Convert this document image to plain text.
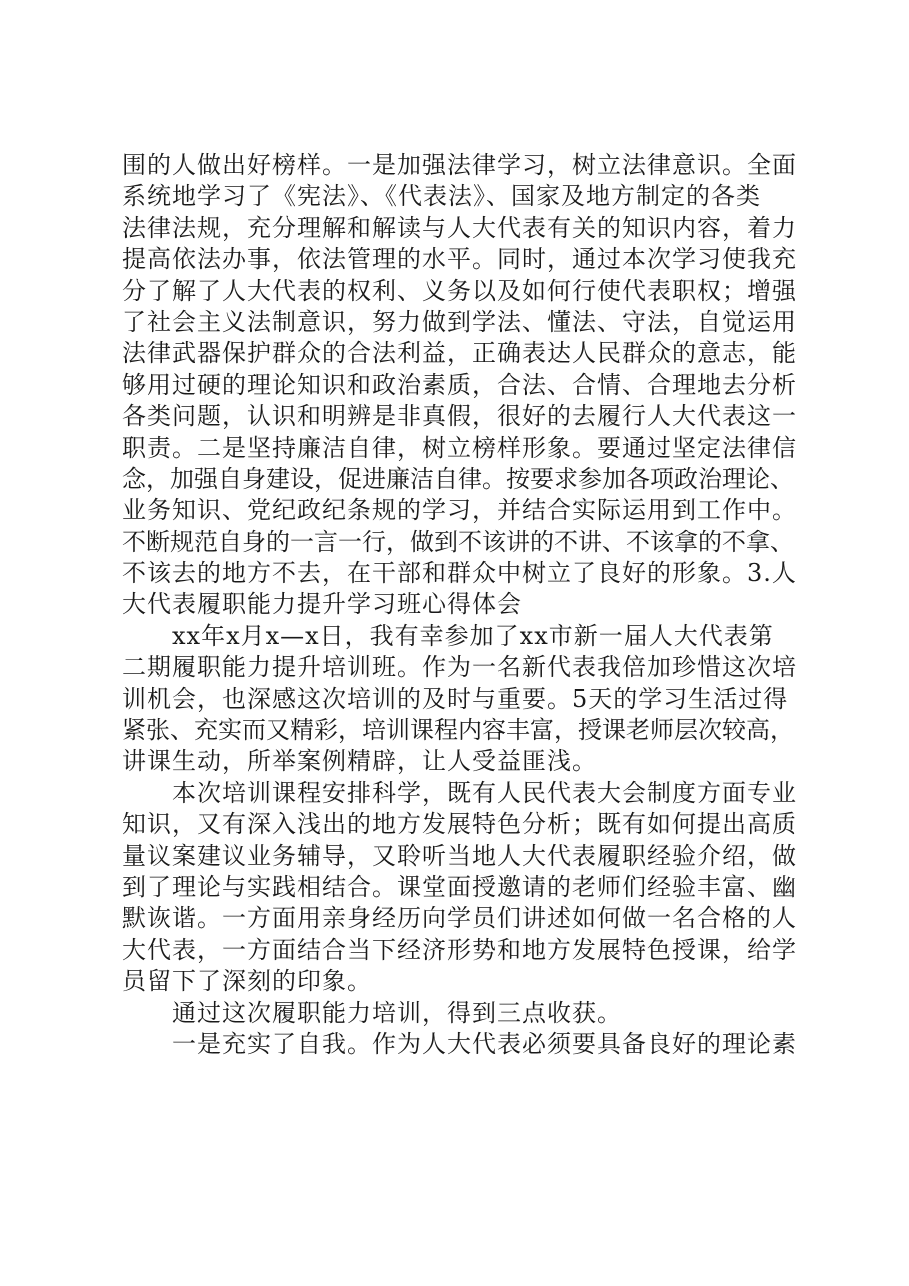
围的人做出好榜样。一是加强法律学习，树立法律意识。全面
系统地学习了《宪法》、《代表法》、国家及地方制定的各类
法律法规，充分理解和解读与人大代表有关的知识内容，着力
提高依法办事，依法管理的水平。同时，通过本次学习使我充
分了解了人大代表的权利、义务以及如何行使代表职权；增强
了社会主义法制意识，努力做到学法、懂法、守法，自觉运用
法律武器保护群众的合法利益，正确表达人民群众的意志，能
够用过硬的理论知识和政治素质，合法、合情、合理地去分析
各类问题，认识和明辨是非真假，很好的去履行人大代表这一
职责。二是坚持廉洁自律，树立榜样形象。要通过坚定法律信
念，加强自身建设，促进廉洁自律。按要求参加各项政治理论、
业务知识、党纪政纪条规的学习，并结合实际运用到工作中。
不断规范自身的一言一行，做到不该讲的不讲、不该拿的不拿、
不该去的地方不去，在干部和群众中树立了良好的形象。3.人
大代表履职能力提升学习班心得体会
xx年x月x—x日，我有幸参加了xx市新一届人大代表第
二期履职能力提升培训班。作为一名新代表我倍加珍惜这次培
训机会，也深感这次培训的及时与重要。5天的学习生活过得
紧张、充实而又精彩，培训课程内容丰富，授课老师层次较高，
讲课生动，所举案例精辟，让人受益匪浅。
本次培训课程安排科学，既有人民代表大会制度方面专业
知识，又有深入浅出的地方发展特色分析；既有如何提出高质
量议案建议业务辅导，又聆听当地人大代表履职经验介绍，做
到了理论与实践相结合。课堂面授邀请的老师们经验丰富、幽
默诙谐。一方面用亲身经历向学员们讲述如何做一名合格的人
大代表，一方面结合当下经济形势和地方发展特色授课，给学
员留下了深刻的印象。
通过这次履职能力培训，得到三点收获。
一是充实了自我。作为人大代表必须要具备良好的理论素
